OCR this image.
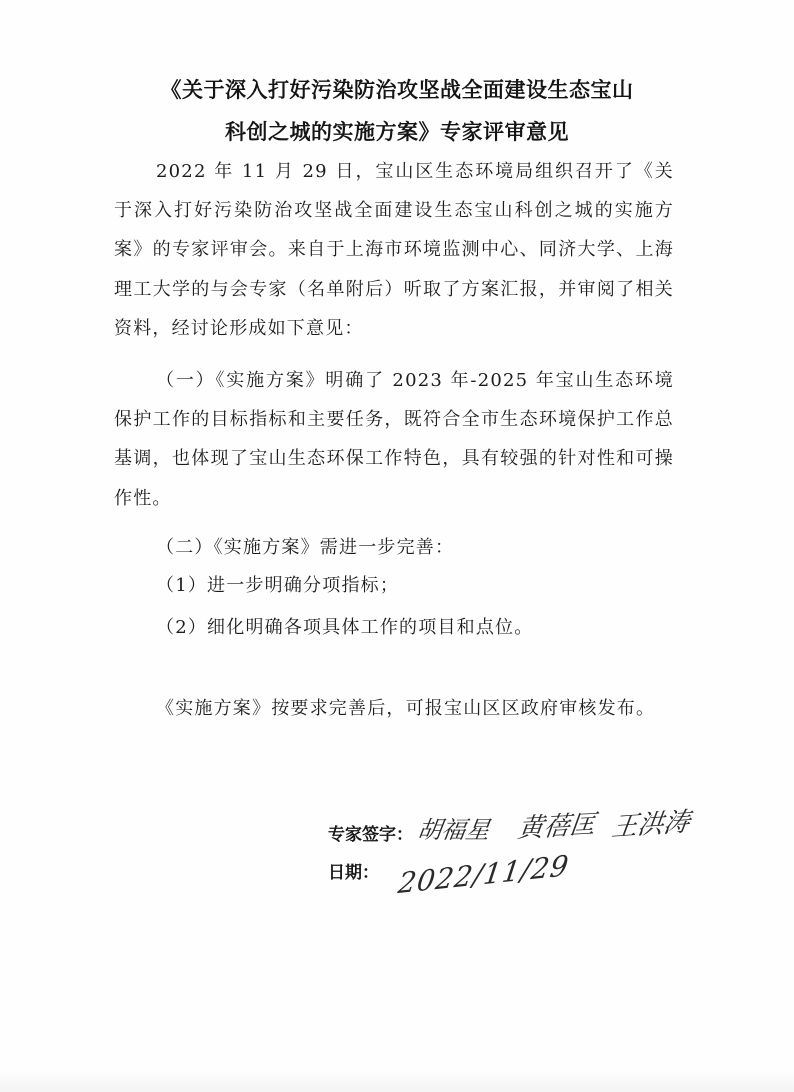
《关于深入打好污染防治攻坚战全面建设生态宝山
科创之城的实施方案》专家评审意见

2022 年 11 月 29 日，宝山区生态环境局组织召开了《关于深入打好污染防治攻坚战全面建设生态宝山科创之城的实施方案》的专家评审会。来自于上海市环境监测中心、同济大学、上海理工大学的与会专家（名单附后）听取了方案汇报，并审阅了相关资料，经讨论形成如下意见：

（一）《实施方案》明确了 2023 年-2025 年宝山生态环境保护工作的目标指标和主要任务，既符合全市生态环境保护工作总基调，也体现了宝山生态环保工作特色，具有较强的针对性和可操作性。

（二）《实施方案》需进一步完善：

（1）进一步明确分项指标；

（2）细化明确各项具体工作的项目和点位。

《实施方案》按要求完善后，可报宝山区区政府审核发布。

专家签字： 胡福星 黄蓓匡 王洪涛
日期： 2022/11/29
